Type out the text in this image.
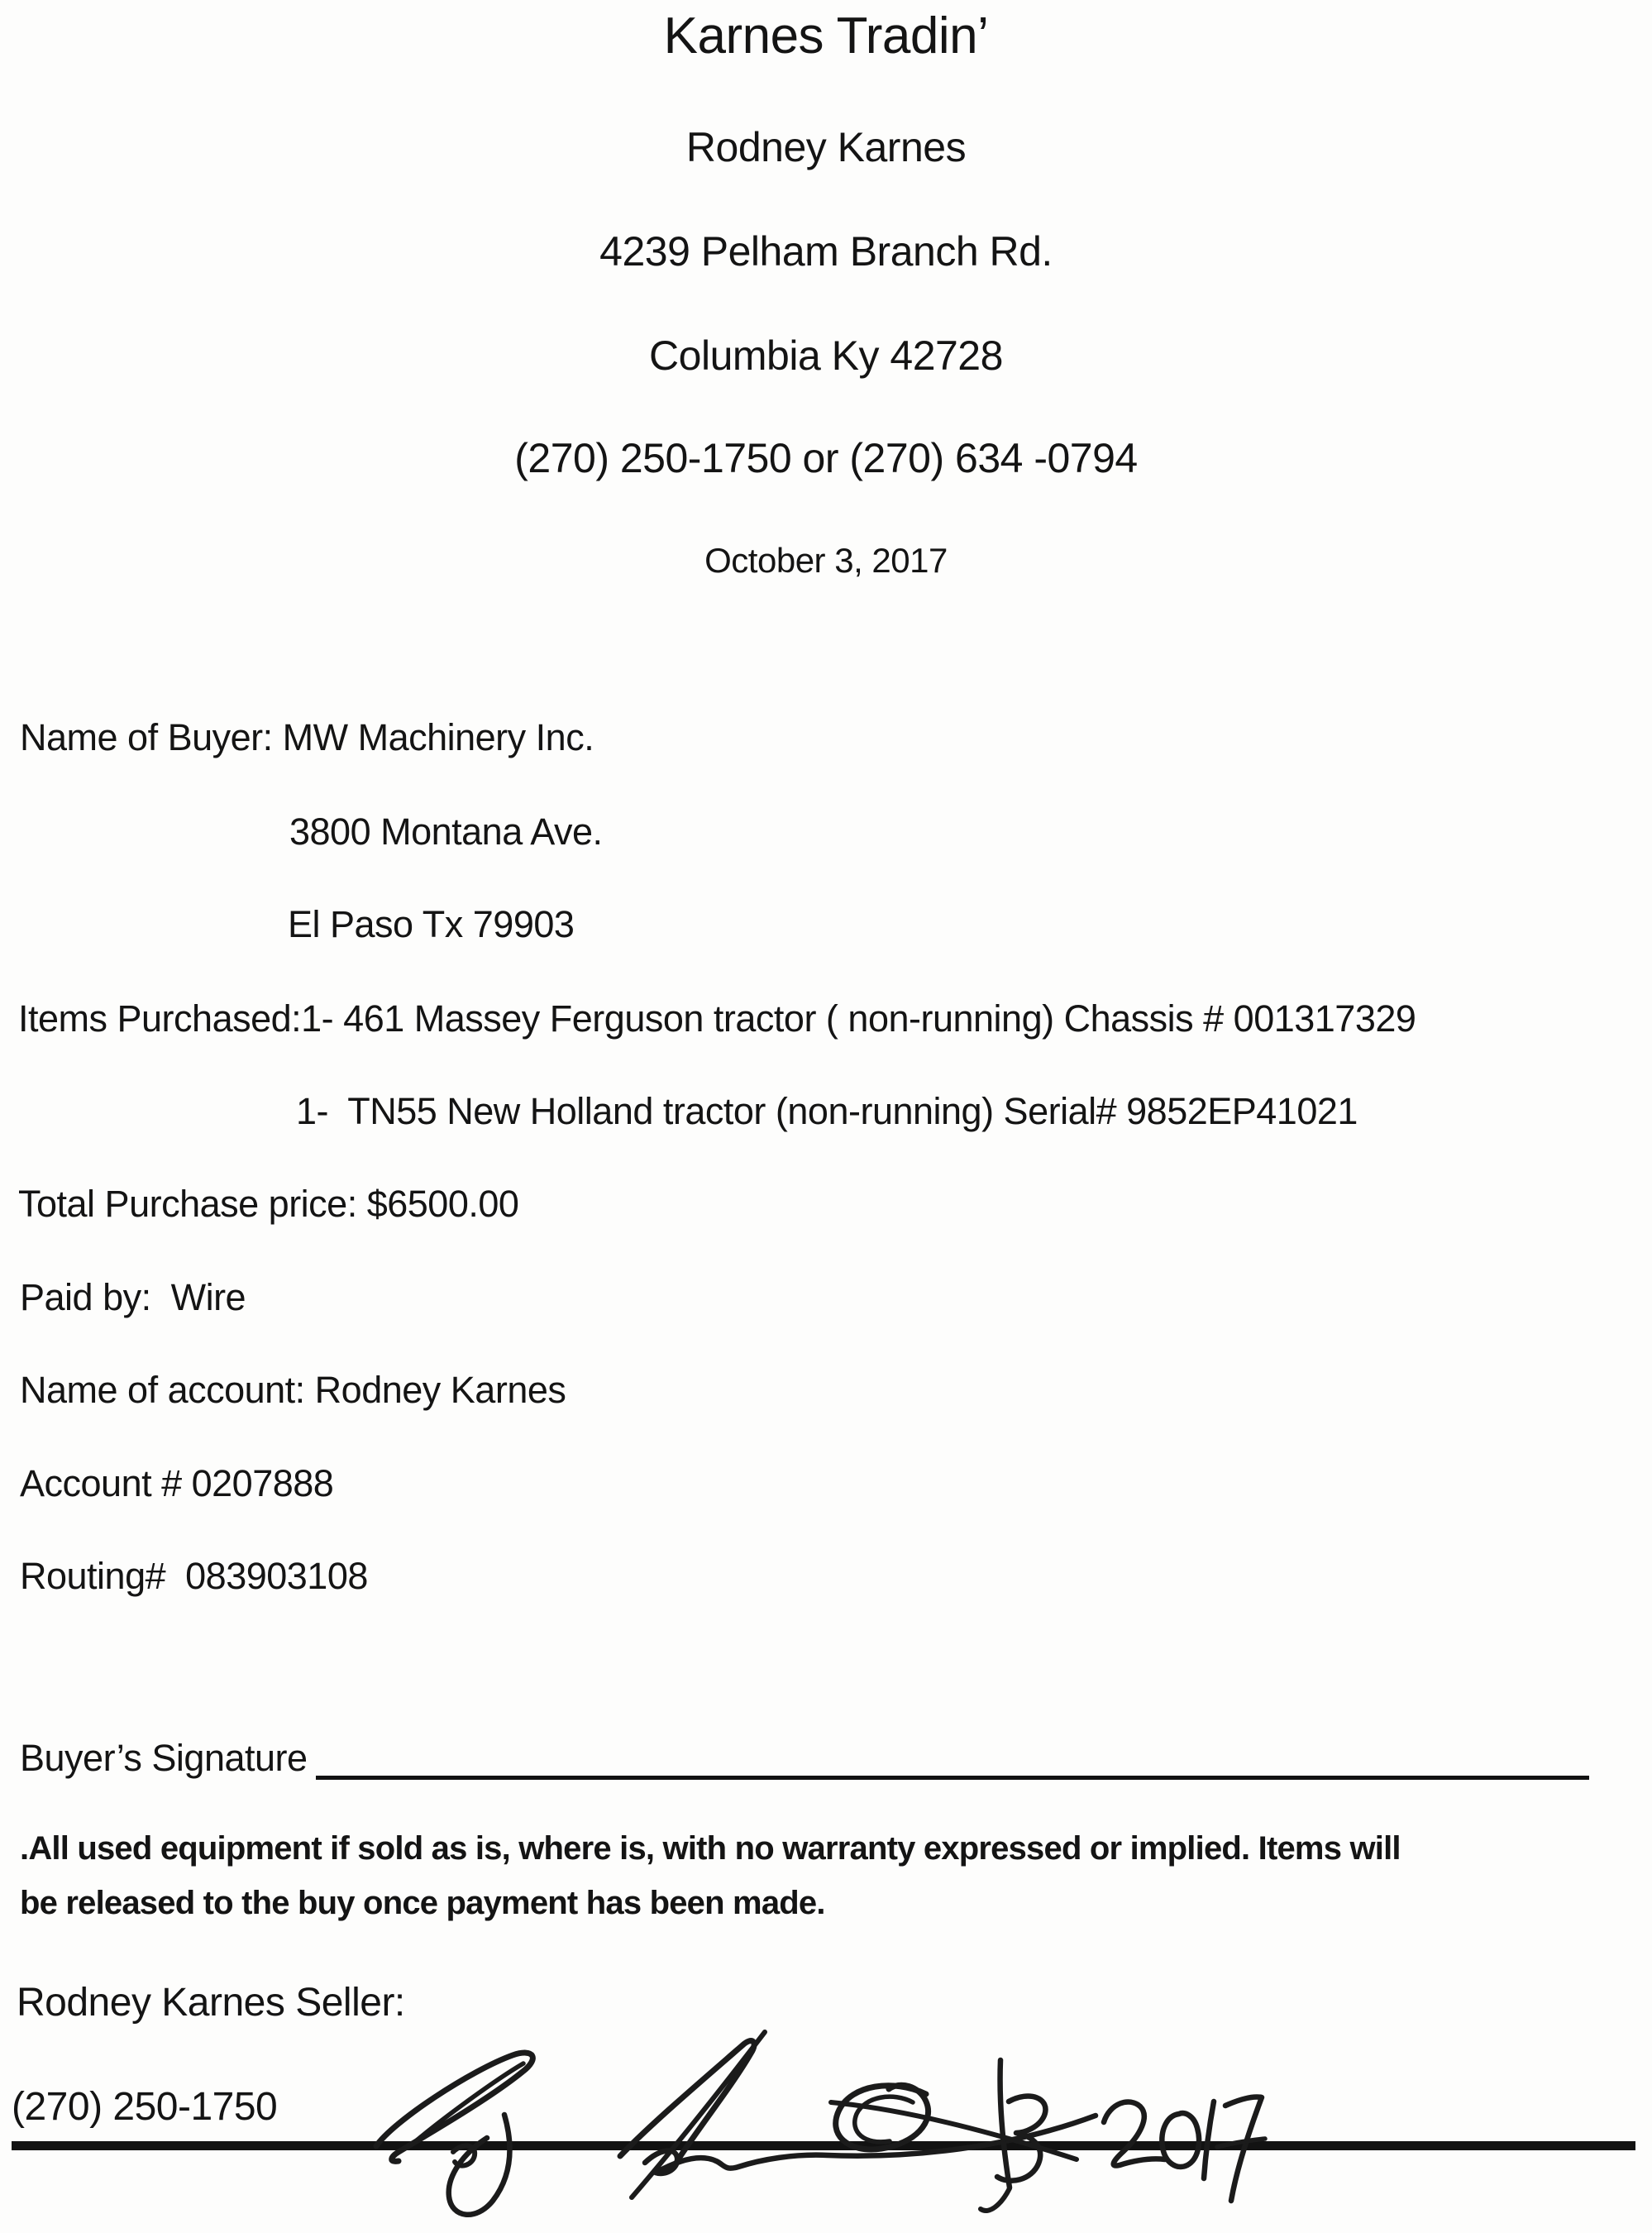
Karnes Tradin’
Rodney Karnes
4239 Pelham Branch Rd.
Columbia Ky 42728
(270) 250-1750 or (270) 634 -0794
October 3, 2017
Name of Buyer: MW Machinery Inc.
3800 Montana Ave.
El Paso Tx 79903
Items Purchased:1- 461 Massey Ferguson tractor ( non-running) Chassis # 001317329
1-  TN55 New Holland tractor (non-running) Serial# 9852EP41021
Total Purchase price: $6500.00
Paid by:  Wire
Name of account: Rodney Karnes
Account # 0207888
Routing#  083903108
Buyer’s Signature
.All used equipment if sold as is, where is, with no warranty expressed or implied. Items will
be released to the buy once payment has been made.
Rodney Karnes Seller:
(270) 250-1750
